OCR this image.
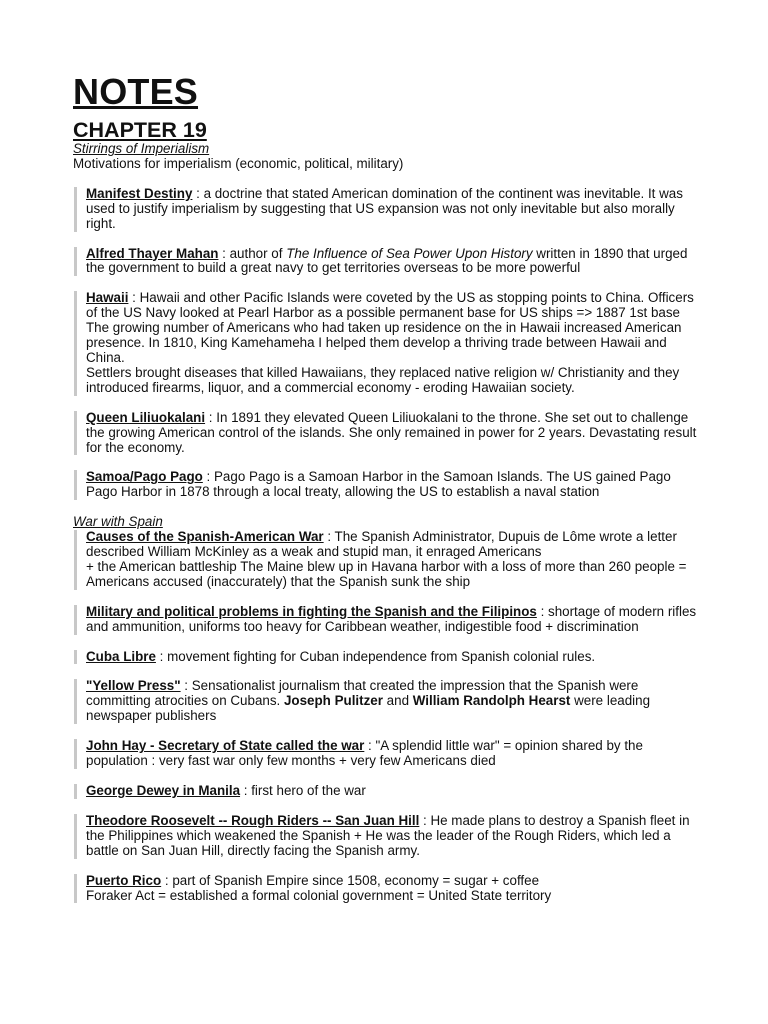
NOTES
CHAPTER 19
Stirrings of Imperialism
Motivations for imperialism (economic, political, military)
Manifest Destiny : a doctrine that stated American domination of the continent was inevitable. It was used to justify imperialism by suggesting that US expansion was not only inevitable but also morally right.
Alfred Thayer Mahan : author of The Influence of Sea Power Upon History written in 1890 that urged the government to build a great navy to get territories overseas to be more powerful
Hawaii : Hawaii and other Pacific Islands were coveted by the US as stopping points to China. Officers of the US Navy looked at Pearl Harbor as a possible permanent base for US ships => 1887 1st base The growing number of Americans who had taken up residence on the in Hawaii increased American presence. In 1810, King Kamehameha I helped them develop a thriving trade between Hawaii and China.
Settlers brought diseases that killed Hawaiians, they replaced native religion w/ Christianity and they introduced firearms, liquor, and a commercial economy - eroding Hawaiian society.
Queen Liliuokalani : In 1891 they elevated Queen Liliuokalani to the throne. She set out to challenge the growing American control of the islands. She only remained in power for 2 years. Devastating result for the economy.
Samoa/Pago Pago : Pago Pago is a Samoan Harbor in the Samoan Islands. The US gained Pago Pago Harbor in 1878 through a local treaty, allowing the US to establish a naval station
War with Spain
Causes of the Spanish-American War : The Spanish Administrator, Dupuis de Lôme wrote a letter described William McKinley as a weak and stupid man, it enraged Americans
+ the American battleship The Maine blew up in Havana harbor with a loss of more than 260 people = Americans accused (inaccurately) that the Spanish sunk the ship
Military and political problems in fighting the Spanish and the Filipinos : shortage of modern rifles and ammunition, uniforms too heavy for Caribbean weather, indigestible food + discrimination
Cuba Libre : movement fighting for Cuban independence from Spanish colonial rules.
"Yellow Press" : Sensationalist journalism that created the impression that the Spanish were committing atrocities on Cubans. Joseph Pulitzer and William Randolph Hearst were leading newspaper publishers
John Hay - Secretary of State called the war : "A splendid little war" = opinion shared by the population : very fast war only few months + very few Americans died
George Dewey in Manila : first hero of the war
Theodore Roosevelt -- Rough Riders -- San Juan Hill : He made plans to destroy a Spanish fleet in the Philippines which weakened the Spanish + He was the leader of the Rough Riders, which led a battle on San Juan Hill, directly facing the Spanish army.
Puerto Rico : part of Spanish Empire since 1508, economy = sugar + coffee
Foraker Act = established a formal colonial government = United State territory
